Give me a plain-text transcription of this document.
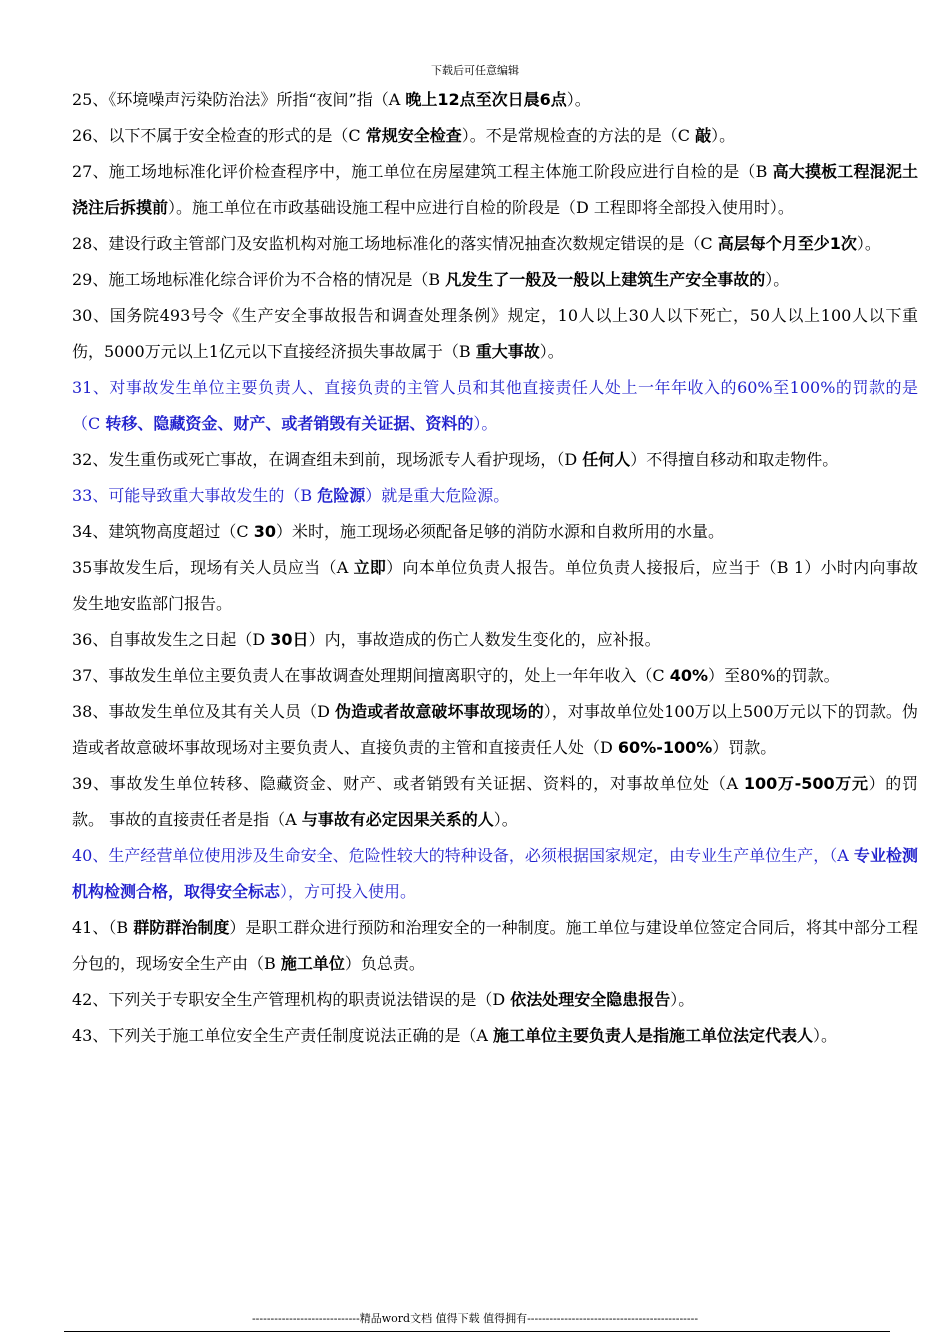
下载后可任意编辑
25、《环境噪声污染防治法》所指“夜间”指（A 晚上12点至次日晨6点）。
26、以下不属于安全检查的形式的是（C 常规安全检查）。不是常规检查的方法的是（C 敲）。
27、施工场地标准化评价检查程序中，施工单位在房屋建筑工程主体施工阶段应进行自检的是（B 高大摸板工程混泥土浇注后拆摸前）。施工单位在市政基础设施工程中应进行自检的阶段是（D 工程即将全部投入使用时）。
28、建设行政主管部门及安监机构对施工场地标准化的落实情况抽查次数规定错误的是（C 高层每个月至少1次）。
29、施工场地标准化综合评价为不合格的情况是（B 凡发生了一般及一般以上建筑生产安全事故的）。
30、国务院493号令《生产安全事故报告和调查处理条例》规定，10人以上30人以下死亡，50人以上100人以下重伤，5000万元以上1亿元以下直接经济损失事故属于（B 重大事故）。
31、对事故发生单位主要负责人、直接负责的主管人员和其他直接责任人处上一年年收入的60%至100%的罚款的是（C 转移、隐藏资金、财产、或者销毁有关证据、资料的）。
32、发生重伤或死亡事故，在调查组未到前，现场派专人看护现场，（D 任何人）不得擅自移动和取走物件。
33、可能导致重大事故发生的（B 危险源）就是重大危险源。
34、建筑物高度超过（C 30）米时，施工现场必须配备足够的消防水源和自救所用的水量。
35事故发生后，现场有关人员应当（A 立即）向本单位负责人报告。单位负责人接报后，应当于（B 1）小时内向事故发生地安监部门报告。
36、自事故发生之日起（D 30日）内，事故造成的伤亡人数发生变化的，应补报。
37、事故发生单位主要负责人在事故调查处理期间擅离职守的，处上一年年收入（C 40%）至80%的罚款。
38、事故发生单位及其有关人员（D 伪造或者故意破坏事故现场的），对事故单位处100万以上500万元以下的罚款。伪造或者故意破坏事故现场对主要负责人、直接负责的主管和直接责任人处（D 60%-100%）罚款。
39、事故发生单位转移、隐藏资金、财产、或者销毁有关证据、资料的，对事故单位处（A 100万-500万元）的罚款。 事故的直接责任者是指（A 与事故有必定因果关系的人）。
40、生产经营单位使用涉及生命安全、危险性较大的特种设备，必须根据国家规定，由专业生产单位生产，（A 专业检测机构检测合格，取得安全标志），方可投入使用。
41、（B 群防群治制度）是职工群众进行预防和治理安全的一种制度。施工单位与建设单位签定合同后，将其中部分工程分包的，现场安全生产由（B 施工单位）负总责。
42、下列关于专职安全生产管理机构的职责说法错误的是（D 依法处理安全隐患报告）。
43、下列关于施工单位安全生产责任制度说法正确的是（A 施工单位主要负责人是指施工单位法定代表人）。
-----------------------------精品word文档 值得下载 值得拥有----------------------------------------------
